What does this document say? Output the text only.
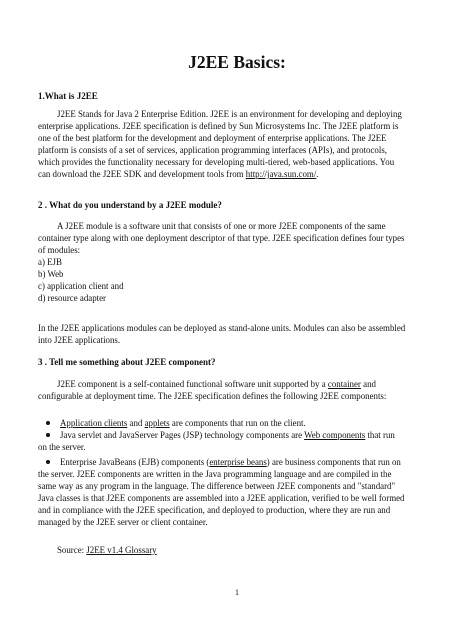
J2EE Basics:
1.What is J2EE
J2EE Stands for Java 2 Enterprise Edition. J2EE is an environment for developing and deploying
enterprise applications. J2EE specification is defined by Sun Microsystems Inc. The J2EE platform is
one of the best platform for the development and deployment of enterprise applications. The J2EE
platform is consists of a set of services, application programming interfaces (APIs), and protocols,
which provides the functionality necessary for developing multi-tiered, web-based applications. You
can download the J2EE SDK and development tools from http://java.sun.com/.
2 . What do you understand by a J2EE module?
A J2EE module is a software unit that consists of one or more J2EE components of the same
container type along with one deployment descriptor of that type. J2EE specification defines four types
of modules:
a) EJB
b) Web
c) application client and
d) resource adapter
In the J2EE applications modules can be deployed as stand-alone units. Modules can also be assembled
into J2EE applications.
3 . Tell me something about J2EE component?
J2EE component is a self-contained functional software unit supported by a container and
configurable at deployment time. The J2EE specification defines the following J2EE components:
Application clients and applets are components that run on the client.
Java servlet and JavaServer Pages (JSP) technology components are Web components that run
on the server.
Enterprise JavaBeans (EJB) components (enterprise beans) are business components that run on
the server. J2EE components are written in the Java programming language and are compiled in the
same way as any program in the language. The difference between J2EE components and "standard"
Java classes is that J2EE components are assembled into a J2EE application, verified to be well formed
and in compliance with the J2EE specification, and deployed to production, where they are run and
managed by the J2EE server or client container.
Source: J2EE v1.4 Glossary
1
